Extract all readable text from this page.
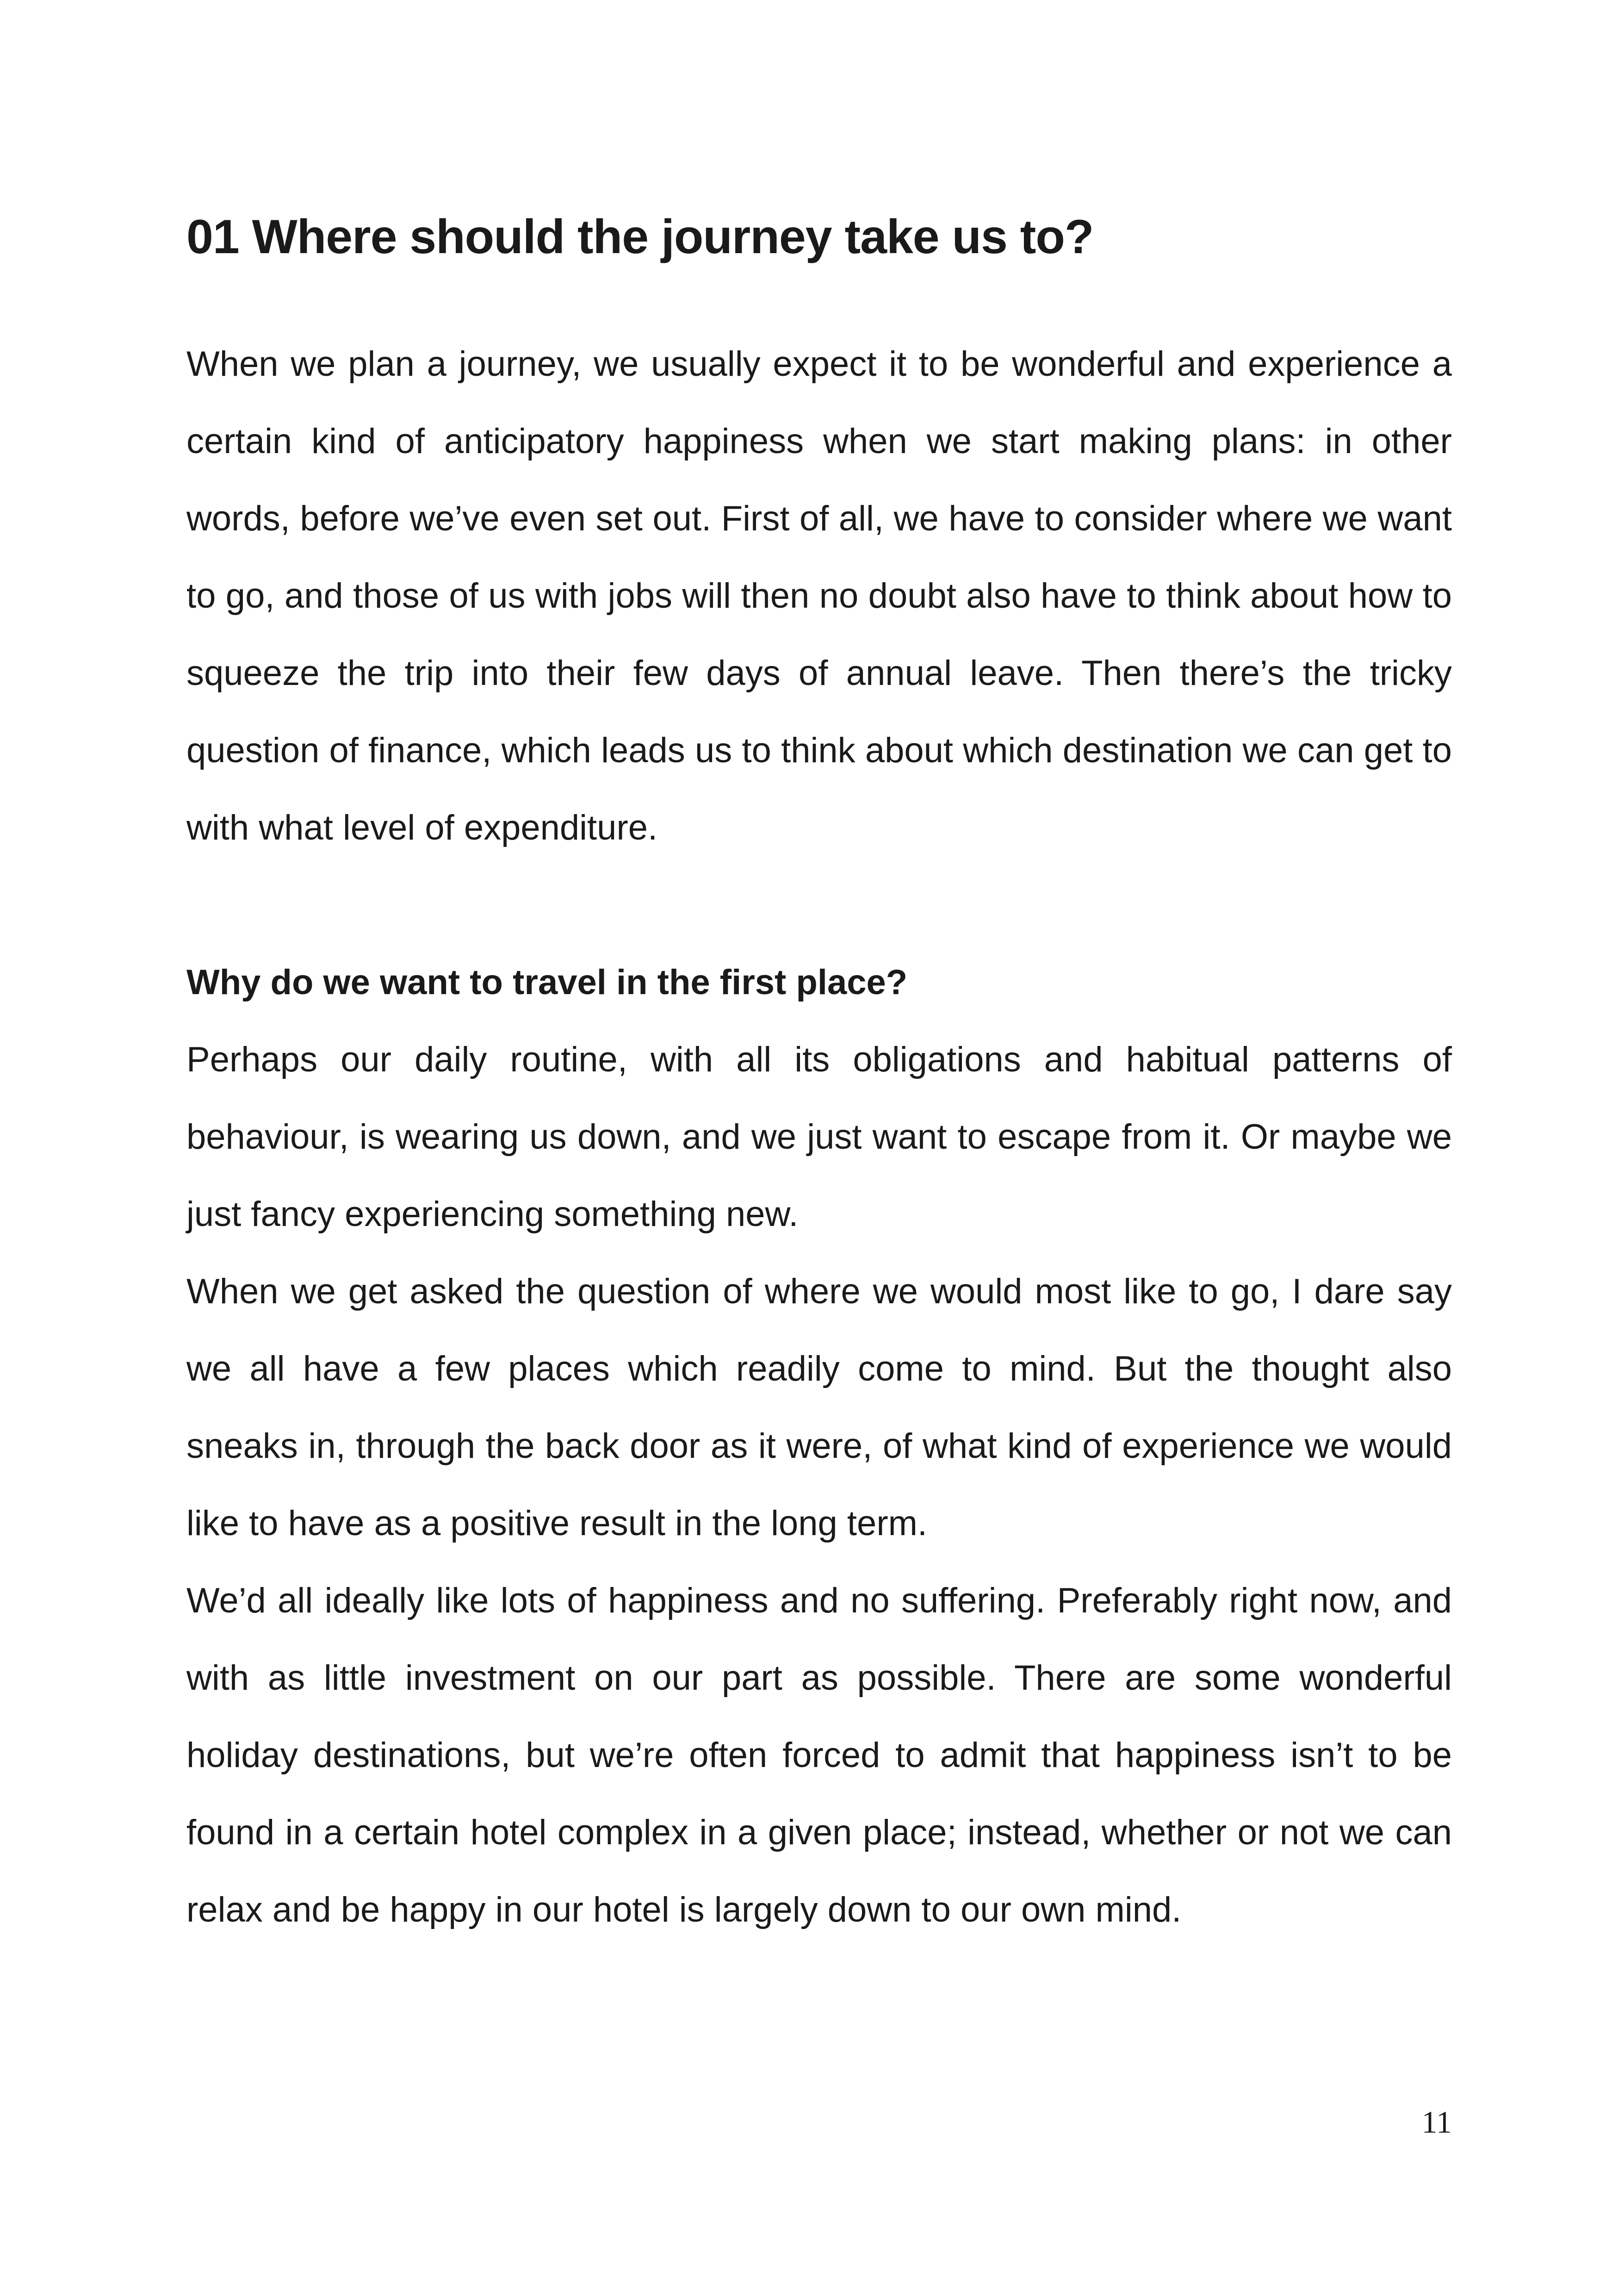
01 Where should the journey take us to?

When we plan a journey, we usually expect it to be wonderful and experience a certain kind of anticipatory happiness when we start making plans: in other words, before we’ve even set out. First of all, we have to consider where we want to go, and those of us with jobs will then no doubt also have to think about how to squeeze the trip into their few days of annual leave. Then there’s the tricky question of finance, which leads us to think about which destination we can get to with what level of expenditure.

Why do we want to travel in the first place?

Perhaps our daily routine, with all its obligations and habitual patterns of behaviour, is wearing us down, and we just want to escape from it. Or maybe we just fancy experiencing something new.

When we get asked the question of where we would most like to go, I dare say we all have a few places which readily come to mind. But the thought also sneaks in, through the back door as it were, of what kind of experience we would like to have as a positive result in the long term.

We’d all ideally like lots of happiness and no suffering. Preferably right now, and with as little investment on our part as possible. There are some wonderful holiday destinations, but we’re often forced to admit that happiness isn’t to be found in a certain hotel complex in a given place; instead, whether or not we can relax and be happy in our hotel is largely down to our own mind.

11
